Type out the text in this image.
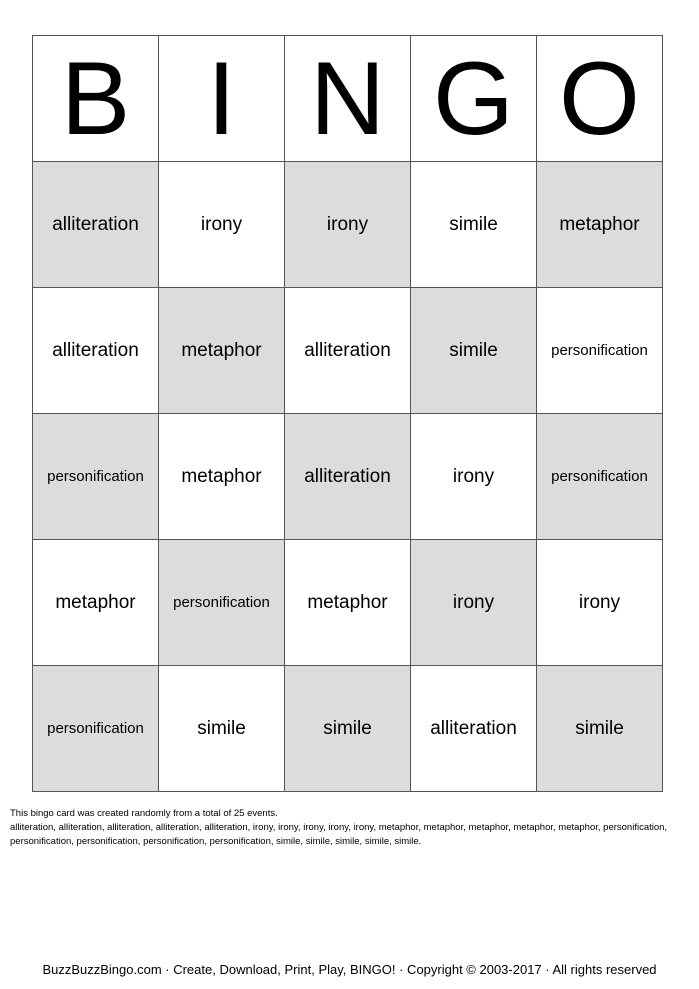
B	I	N	G	O
alliteration	irony	irony	simile	metaphor
alliteration	metaphor	alliteration	simile	personification
personification	metaphor	alliteration	irony	personification
metaphor	personification	metaphor	irony	irony
personification	simile	simile	alliteration	simile
This bingo card was created randomly from a total of 25 events.
alliteration, alliteration, alliteration, alliteration, alliteration, irony, irony, irony, irony, irony, metaphor, metaphor, metaphor, metaphor, metaphor, personification, personification, personification, personification, personification, simile, simile, simile, simile, simile.
BuzzBuzzBingo.com · Create, Download, Print, Play, BINGO! · Copyright © 2003-2017 · All rights reserved
